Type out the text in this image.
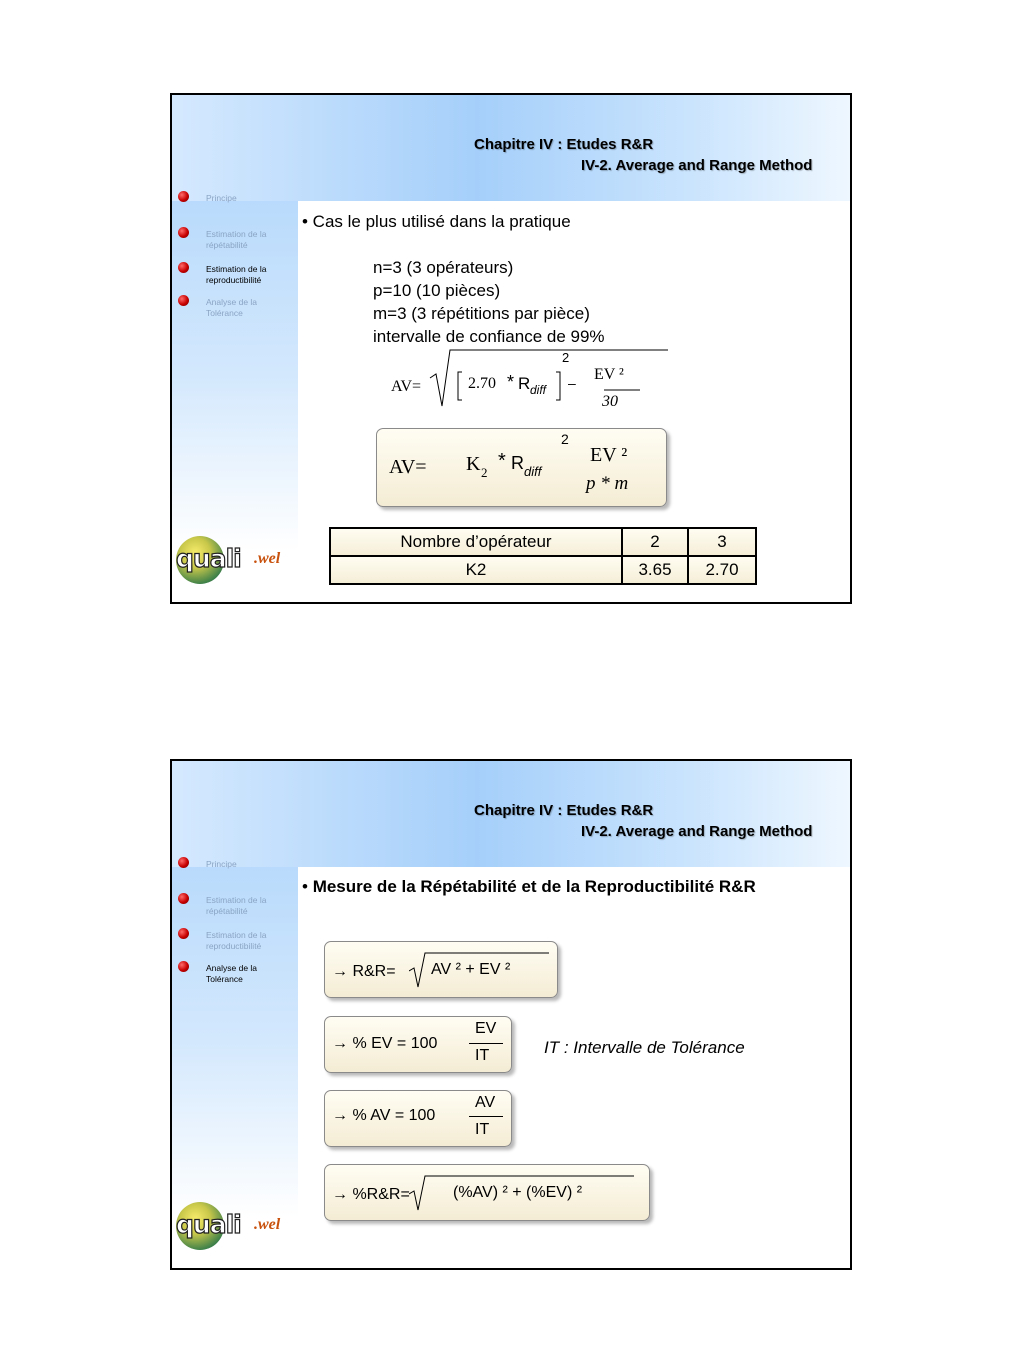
Chapitre IV : Etudes R&R
IV-2. Average and Range Method
Principe
Estimation de la répétabilité
Estimation de la reproductibilité
Analyse de la Tolérance
quali .wel
• Cas le plus utilisé dans la pratique
n=3 (3 opérateurs)
p=10 (10 pièces)
m=3 (3 répétitions par pièce)
intervalle de confiance de 99%
AV=	2.70 * R diff
2
– EV ²
30
AV= K 2
* R diff
2
EV ²
p * m
Nombre d’opérateur	2	3
K2	3.65	2.70
Chapitre IV : Etudes R&R
IV-2. Average and Range Method
Principe
Estimation de la répétabilité
Estimation de la reproductibilité
Analyse de la Tolérance
quali .wel
• Mesure de la Répétabilité et de la Reproductibilité R&R
→ R&R= AV ² + EV ²
→ % EV = 100
EV
IT	IT : Intervalle de Tolérance
→ % AV = 100
AV
IT
→ %R&R=	(%AV) ² + (%EV) ²
